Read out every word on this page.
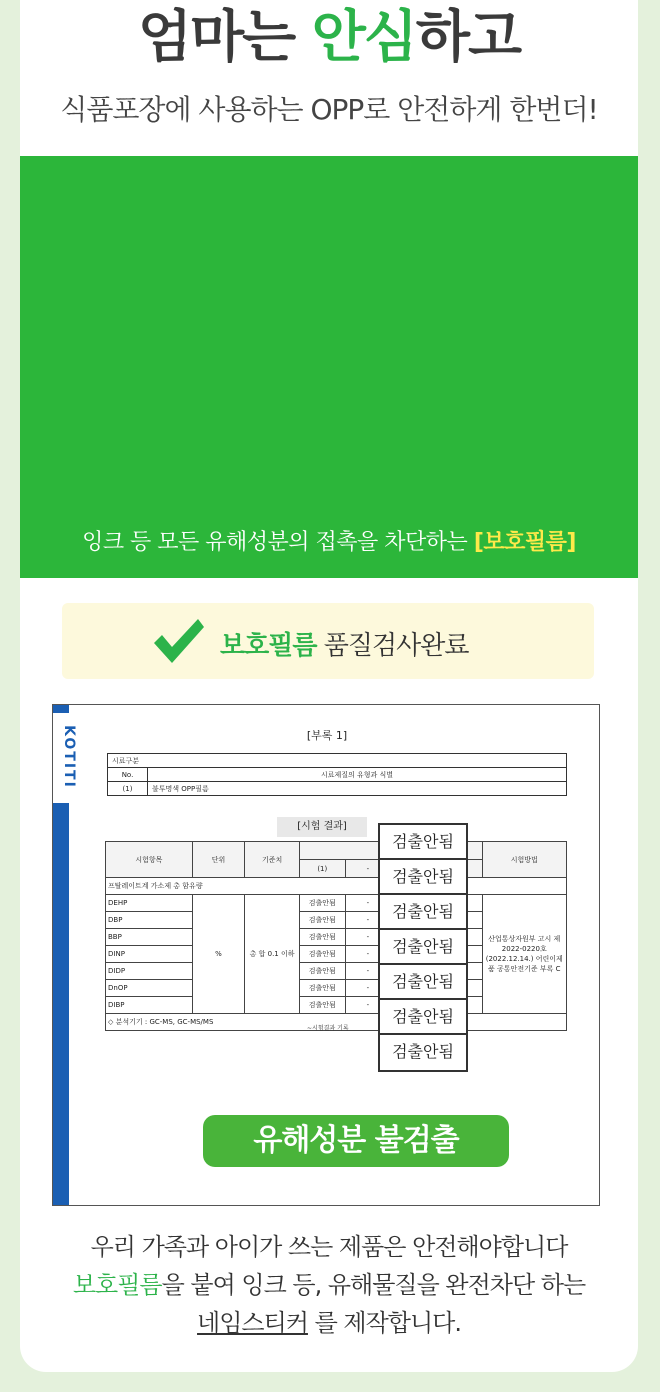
엄마는 안심하고

식품포장에 사용하는 OPP로 안전하게 한번더!

잉크 등 모든 유해성분의 접촉을 차단하는 [보호필름]

보호필름 품질검사완료

KOTITI	[부록 1]

시료구분	
No.	시료제질의 유형과 식별
(1)	불투명색 OPP필름
[시험 결과]
시험항목	단위	기준치					시험방법
			(1)	-		
프탈레이트계 가소제 총 함유량							
DEHP	%	총 합 0.1 이하	검출안됨	-			산업통상자원부 고시 제2022-0220호 (2022.12.14.) 어린이제품 공통안전기준 부록 C
DBP			검출안됨	-		
BBP			검출안됨	-		
DINP			검출안됨	-		
DIDP			검출안됨	-		
DnOP			검출안됨	-		
DIBP			검출안됨	-		
◇ 분석기기 : GC-MS, GC-MS/MS							

~시험결과 기록

검출안됨
검출안됨
검출안됨
검출안됨
검출안됨
검출안됨
검출안됨
유해성분 불검출

우리 가족과 아이가 쓰는 제품은 안전해야합니다

보호필름을 붙여 잉크 등, 유해물질을 완전차단 하는

네임스티커 를 제작합니다.
